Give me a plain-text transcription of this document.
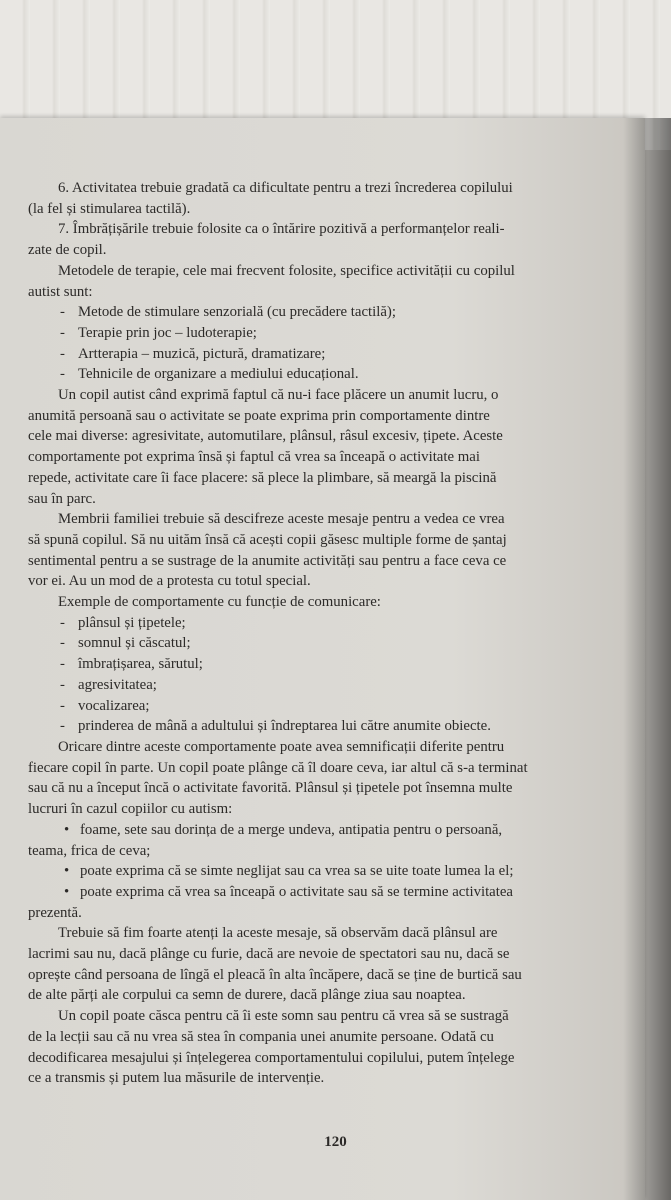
6. Activitatea trebuie gradată ca dificultate pentru a trezi încrederea copilului

(la fel și stimularea tactilă).

7. Îmbrățișările trebuie folosite ca o întărire pozitivă a performanțelor reali-

zate de copil.

Metodele de terapie, cele mai frecvent folosite, specifice activității cu copilul

autist sunt:

- Metode de stimulare senzorială (cu precădere tactilă);

- Terapie prin joc – ludoterapie;

- Artterapia – muzică, pictură, dramatizare;

- Tehnicile de organizare a mediului educațional.

Un copil autist când exprimă faptul că nu-i face plăcere un anumit lucru, o

anumită persoană sau o activitate se poate exprima prin comportamente dintre

cele mai diverse: agresivitate, automutilare, plânsul, râsul excesiv, țipete. Aceste

comportamente pot exprima însă și faptul că vrea sa înceapă o activitate mai

repede, activitate care îi face placere: să plece la plimbare, să meargă la piscină

sau în parc.

Membrii familiei trebuie să descifreze aceste mesaje pentru a vedea ce vrea

să spună copilul. Să nu uităm însă că acești copii găsesc multiple forme de șantaj

sentimental pentru a se sustrage de la anumite activități sau pentru a face ceva ce

vor ei. Au un mod de a protesta cu totul special.

Exemple de comportamente cu funcție de comunicare:

- plânsul și țipetele;

- somnul și căscatul;

- îmbrațișarea, sărutul;

- agresivitatea;

- vocalizarea;

- prinderea de mână a adultului și îndreptarea lui către anumite obiecte.

Oricare dintre aceste comportamente poate avea semnificații diferite pentru

fiecare copil în parte. Un copil poate plânge că îl doare ceva, iar altul că s-a terminat

sau că nu a început încă o activitate favorită. Plânsul și țipetele pot însemna multe

lucruri în cazul copiilor cu autism:

• foame, sete sau dorința de a merge undeva, antipatia pentru o persoană,

teama, frica de ceva;

• poate exprima că se simte neglijat sau ca vrea sa se uite toate lumea la el;

• poate exprima că vrea sa înceapă o activitate sau să se termine activitatea

prezentă.

Trebuie să fim foarte atenți la aceste mesaje, să observăm dacă plânsul are

lacrimi sau nu, dacă plânge cu furie, dacă are nevoie de spectatori sau nu, dacă se

oprește când persoana de lîngă el pleacă în alta încăpere, dacă se ține de burtică sau

de alte părți ale corpului ca semn de durere, dacă plânge ziua sau noaptea.

Un copil poate căsca pentru că îi este somn sau pentru că vrea să se sustragă

de la lecții sau că nu vrea să stea în compania unei anumite persoane. Odată cu

decodificarea mesajului și înțelegerea comportamentului copilului, putem înțelege

ce a transmis și putem lua măsurile de intervenție.

120
